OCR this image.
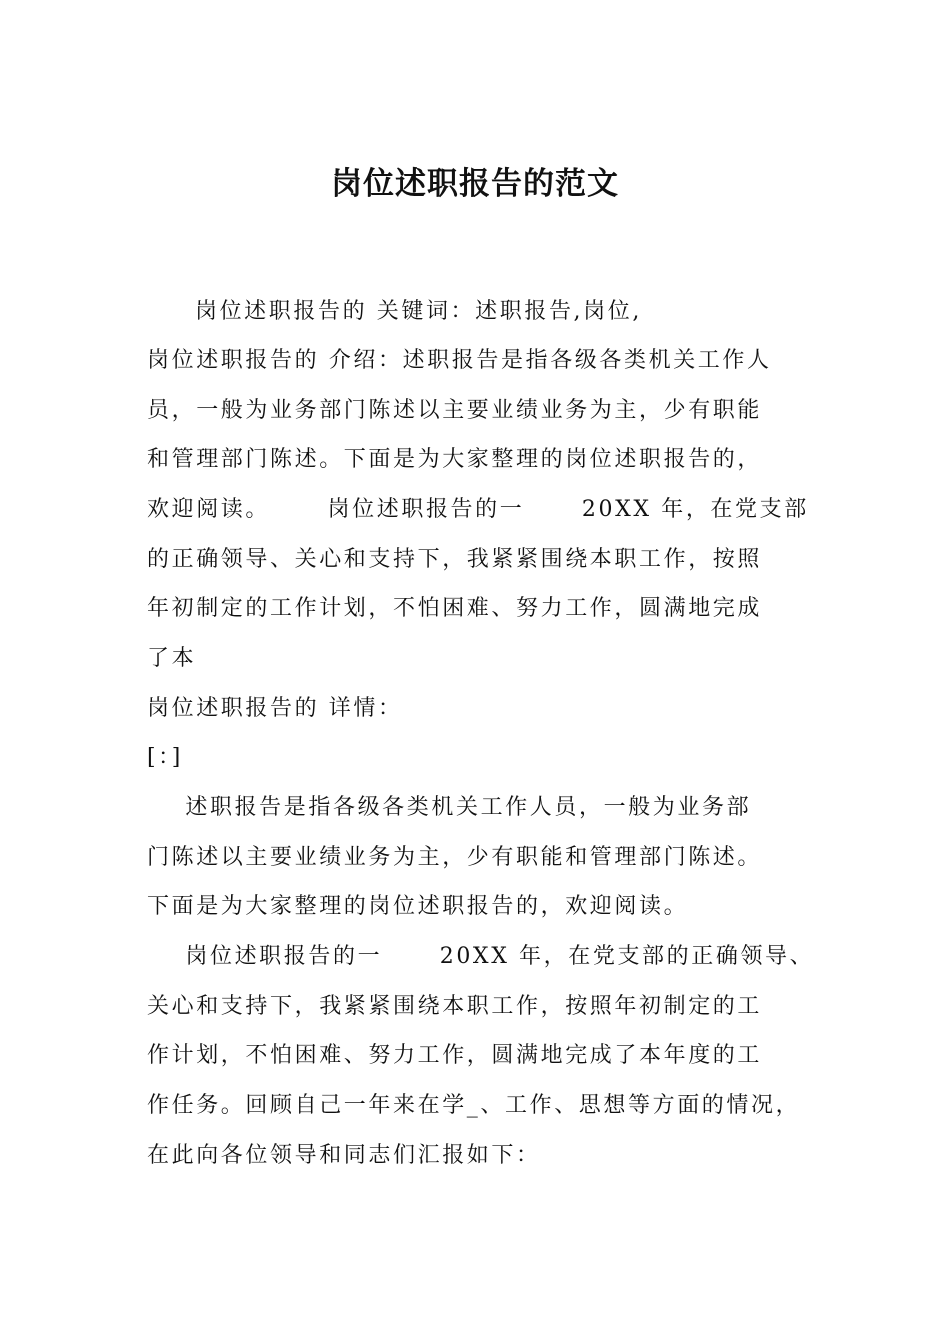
岗位述职报告的范文
岗位述职报告的 关键词：述职报告,岗位,
岗位述职报告的 介绍：述职报告是指各级各类机关工作人
员，一般为业务部门陈述以主要业绩业务为主，少有职能
和管理部门陈述。下面是为大家整理的岗位述职报告的，
欢迎阅读。      岗位述职报告的一      20XX 年，在党支部
的正确领导、关心和支持下，我紧紧围绕本职工作，按照
年初制定的工作计划，不怕困难、努力工作，圆满地完成
了本
岗位述职报告的 详情：
[：]
述职报告是指各级各类机关工作人员，一般为业务部
门陈述以主要业绩业务为主，少有职能和管理部门陈述。
下面是为大家整理的岗位述职报告的，欢迎阅读。
岗位述职报告的一      20XX 年，在党支部的正确领导、
关心和支持下，我紧紧围绕本职工作，按照年初制定的工
作计划，不怕困难、努力工作，圆满地完成了本年度的工
作任务。回顾自己一年来在学_、工作、思想等方面的情况，
在此向各位领导和同志们汇报如下：
